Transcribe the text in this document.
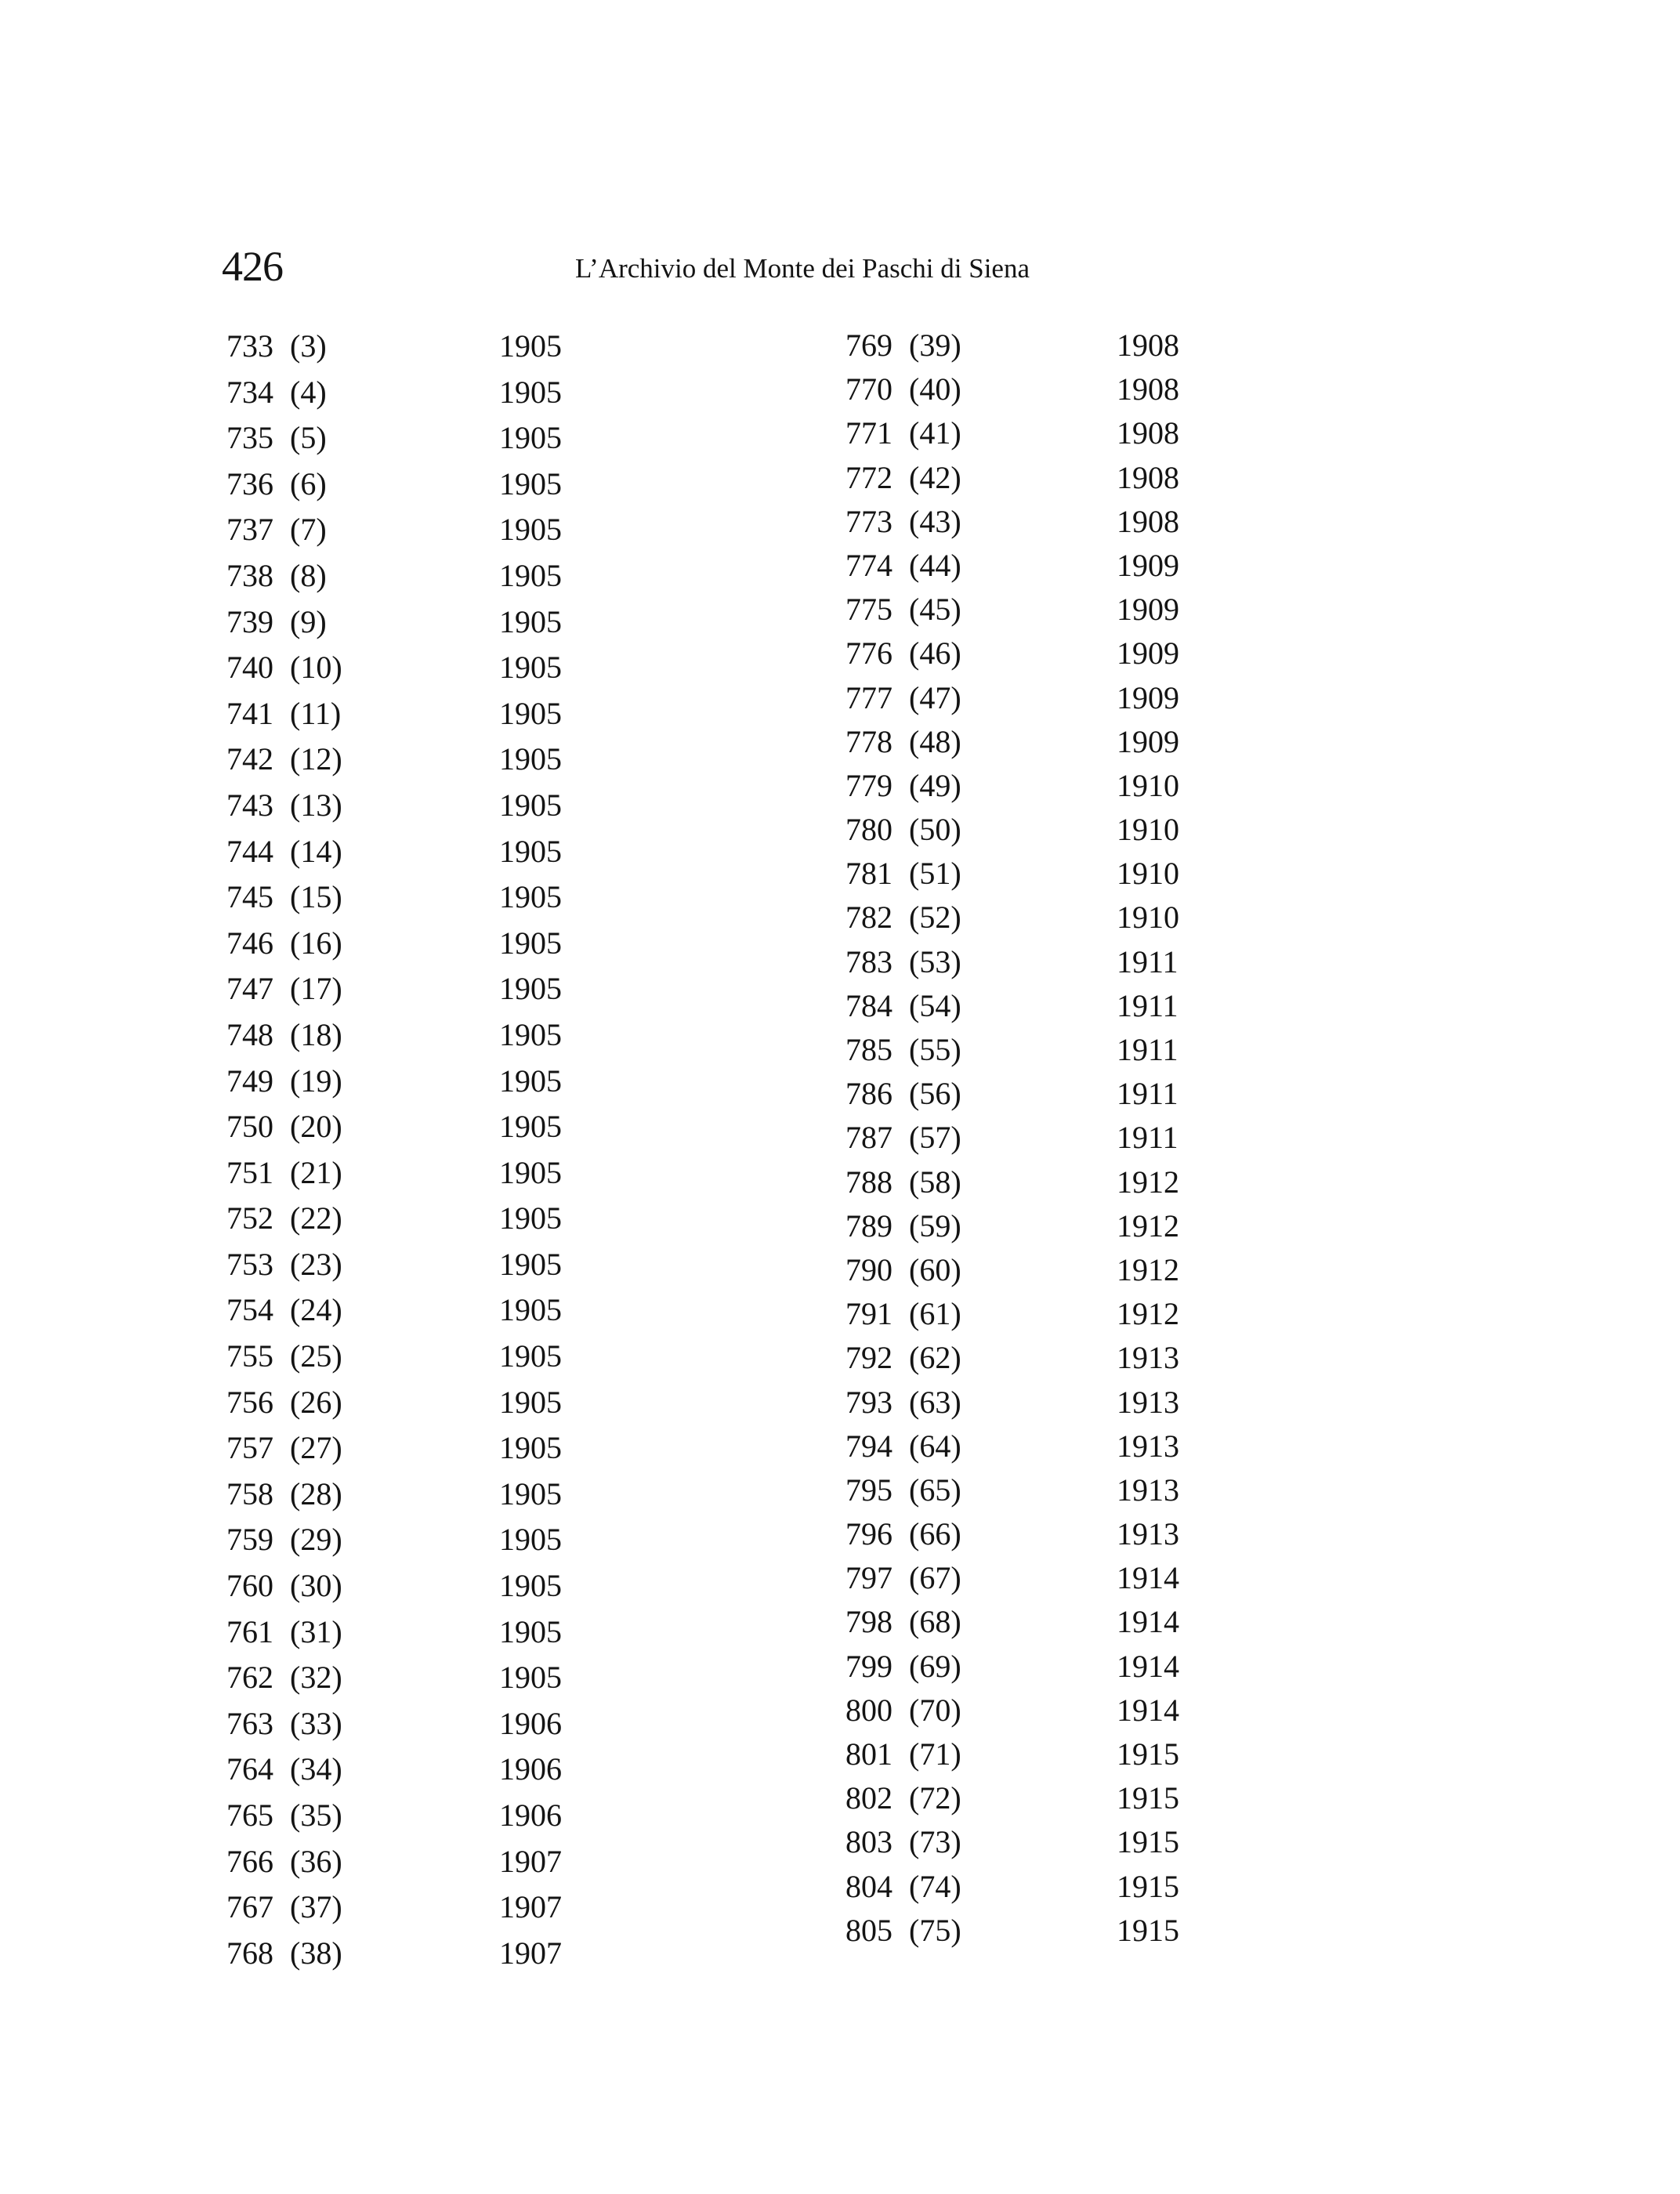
426	L’Archivio del Monte dei Paschi di Siena
733 (3)	1905
734 (4)	1905
735 (5)	1905
736 (6)	1905
737 (7)	1905
738 (8)	1905
739 (9)	1905
740 (10)	1905
741 (11)	1905
742 (12)	1905
743 (13)	1905
744 (14)	1905
745 (15)	1905
746 (16)	1905
747 (17)	1905
748 (18)	1905
749 (19)	1905
750 (20)	1905
751 (21)	1905
752 (22)	1905
753 (23)	1905
754 (24)	1905
755 (25)	1905
756 (26)	1905
757 (27)	1905
758 (28)	1905
759 (29)	1905
760 (30)	1905
761 (31)	1905
762 (32)	1905
763 (33)	1906
764 (34)	1906
765 (35)	1906
766 (36)	1907
767 (37)	1907
768 (38)	1907
769 (39)	1908
770 (40)	1908
771 (41)	1908
772 (42)	1908
773 (43)	1908
774 (44)	1909
775 (45)	1909
776 (46)	1909
777 (47)	1909
778 (48)	1909
779 (49)	1910
780 (50)	1910
781 (51)	1910
782 (52)	1910
783 (53)	1911
784 (54)	1911
785 (55)	1911
786 (56)	1911
787 (57)	1911
788 (58)	1912
789 (59)	1912
790 (60)	1912
791 (61)	1912
792 (62)	1913
793 (63)	1913
794 (64)	1913
795 (65)	1913
796 (66)	1913
797 (67)	1914
798 (68)	1914
799 (69)	1914
800 (70)	1914
801 (71)	1915
802 (72)	1915
803 (73)	1915
804 (74)	1915
805 (75)	1915
